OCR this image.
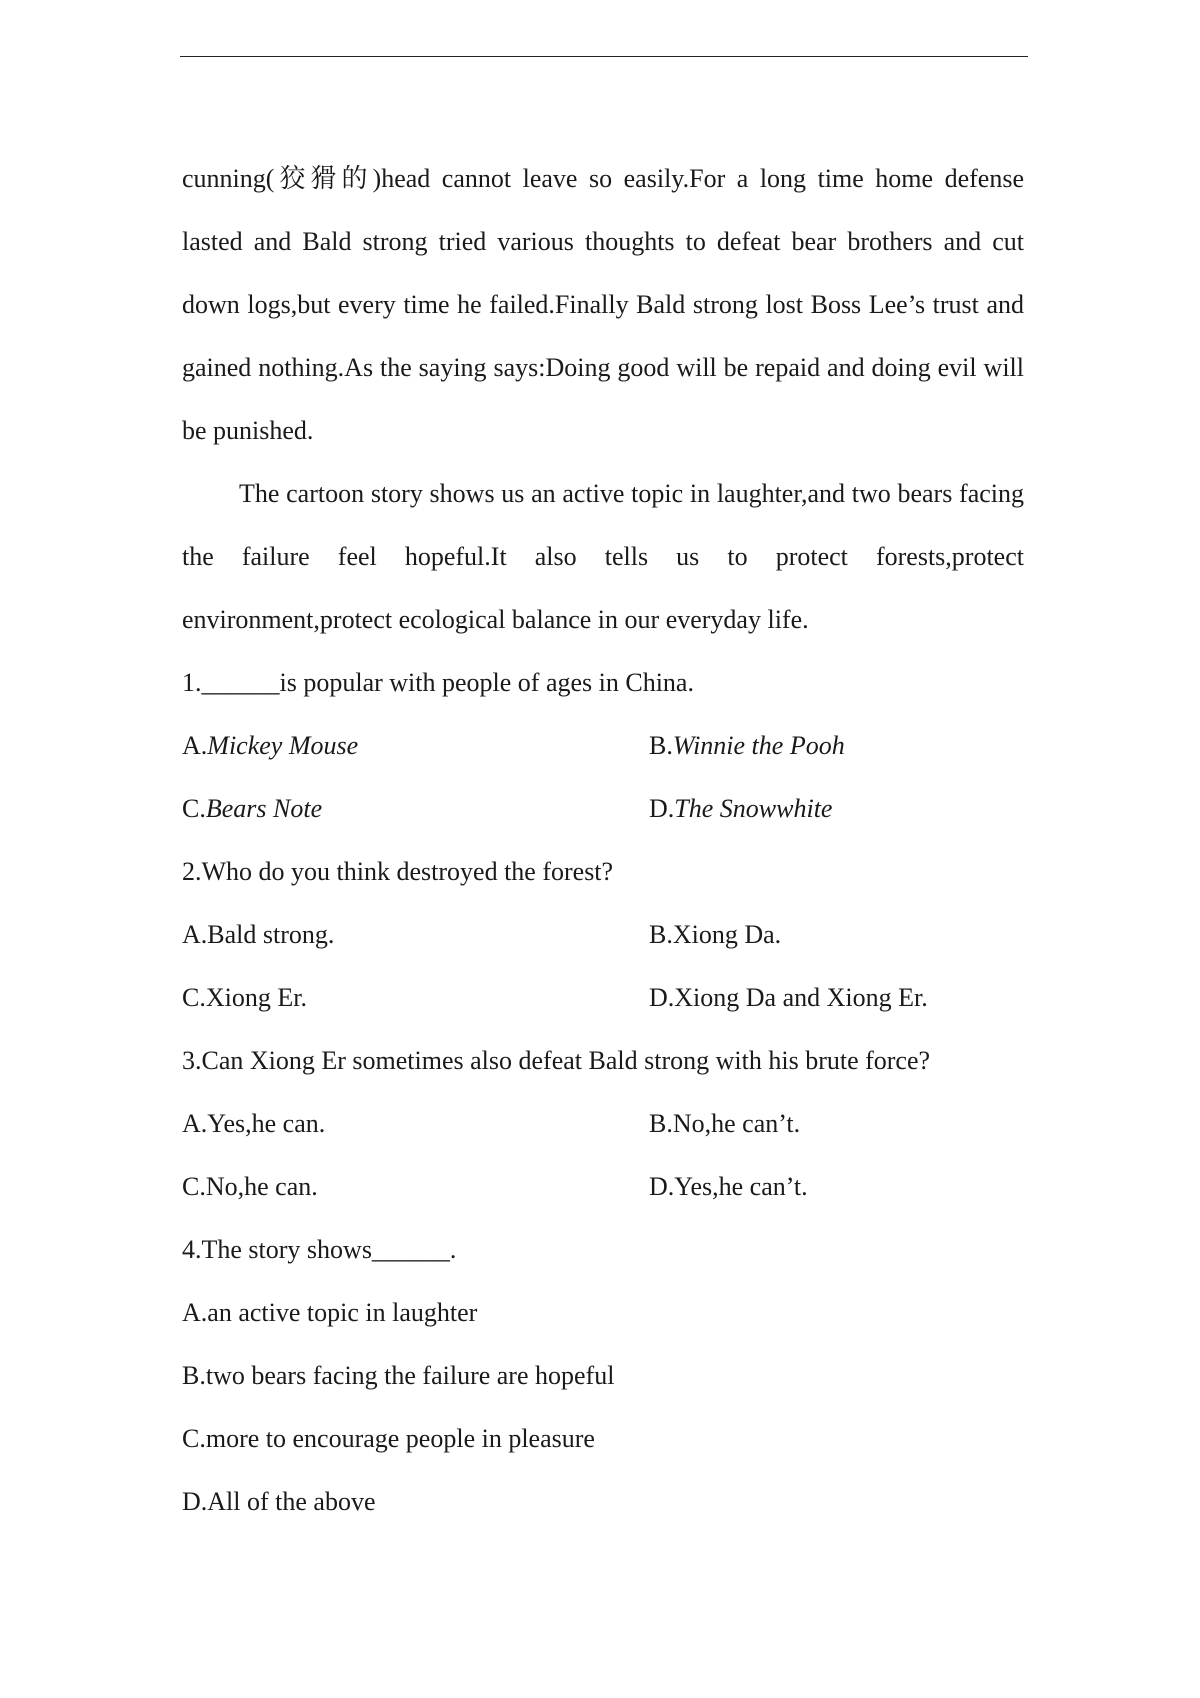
cunning(狡猾的)head cannot leave so easily.For a long time home defense lasted and Bald strong tried various thoughts to defeat bear brothers and cut down logs,but every time he failed.Finally Bald strong lost Boss Lee’s trust and gained nothing.As the saying says:Doing good will be repaid and doing evil will be punished.

The cartoon story shows us an active topic in laughter,and two bears facing the failure feel hopeful.It also tells us to protect forests,protect environment,protect ecological balance in our everyday life.

1.______is popular with people of ages in China.

A.Mickey Mouse	B.Winnie the Pooh

C.Bears Note	D.The Snowwhite

2.Who do you think destroyed the forest?

A.Bald strong.	B.Xiong Da.

C.Xiong Er.	D.Xiong Da and Xiong Er.

3.Can Xiong Er sometimes also defeat Bald strong with his brute force?

A.Yes,he can.	B.No,he can’t.

C.No,he can.	D.Yes,he can’t.

4.The story shows______.

A.an active topic in laughter

B.two bears facing the failure are hopeful

C.more to encourage people in pleasure

D.All of the above
